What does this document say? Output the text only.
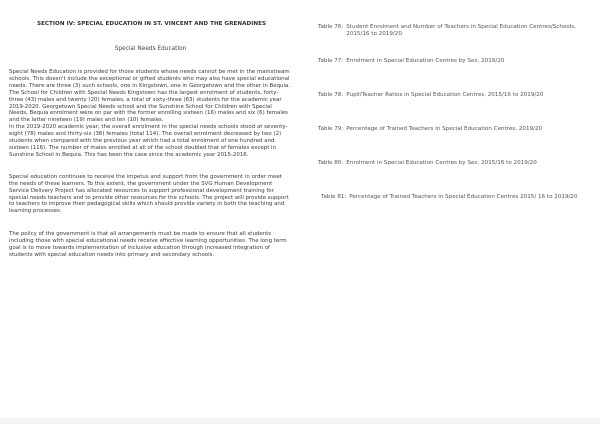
SECTION IV: SPECIAL EDUCATION IN ST. VINCENT AND THE GRENADINES
Special Needs Education

Special Needs Education is provided for those students whose needs cannot be met in the mainstream schools. This doesn't include the exceptional or gifted students who may also have special educational needs. There are three (3) such schools, one in Kingstown, one in Georgetown and the other in Bequia. The School for Children with Special Needs Kingstown has the largest enrolment of students, forty-three (43) males and twenty (20) females, a total of sixty-three (63) students for the academic year 2019-2020. Georgetown Special Needs school and the Sunshine School for Children with Special Needs, Bequia enrolment were on par with the former enrolling sixteen (16) males and six (6) females and the latter nineteen (19) males and ten (10) females.
In the 2019-2020 academic year, the overall enrolment in the special needs schools stood at seventy-eight (78) males and thirty-six (36) females (total 114). The overall enrolment decreased by two (2) students when compared with the previous year which had a total enrolment of one hundred and sixteen (116). The number of males enrolled at all of the school doubled that of females except in Sunshine School in Bequia. This has been the case since the academic year 2015-2016.

Special education continues to receive the impetus and support from the government in order meet the needs of these learners. To this extent, the government under the SVG Human Development Service Delivery Project has allocated resources to support professional development training for special needs teachers and to provide other resources for the schools. The project will provide support to teachers to improve their pedagogical skills which should provide variety in both the teaching and learning processes.

The policy of the government is that all arrangements must be made to ensure that all students including those with special educational needs receive effective learning opportunities. The long term goal is to move towards implementation of inclusive education through increased integration of students with special education needs into primary and secondary schools.

Table 76: Student Enrolment and Number of Teachers in Special Education Centres/Schools, 2015/16 to 2019/20
Table 77: Enrolment in Special Education Centres by Sex, 2019/20
Table 78: Pupil/Teacher Ratios in Special Education Centres, 2015/16 to 2019/20
Table 79: Percentage of Trained Teachers in Special Education Centres, 2019/20
Table 80: Enrolment in Special Education Centres by Sex, 2015/16 to 2019/20
Table 81: Percentage of Trained Teachers in Special Education Centres 2015/ 16 to 2019/20
